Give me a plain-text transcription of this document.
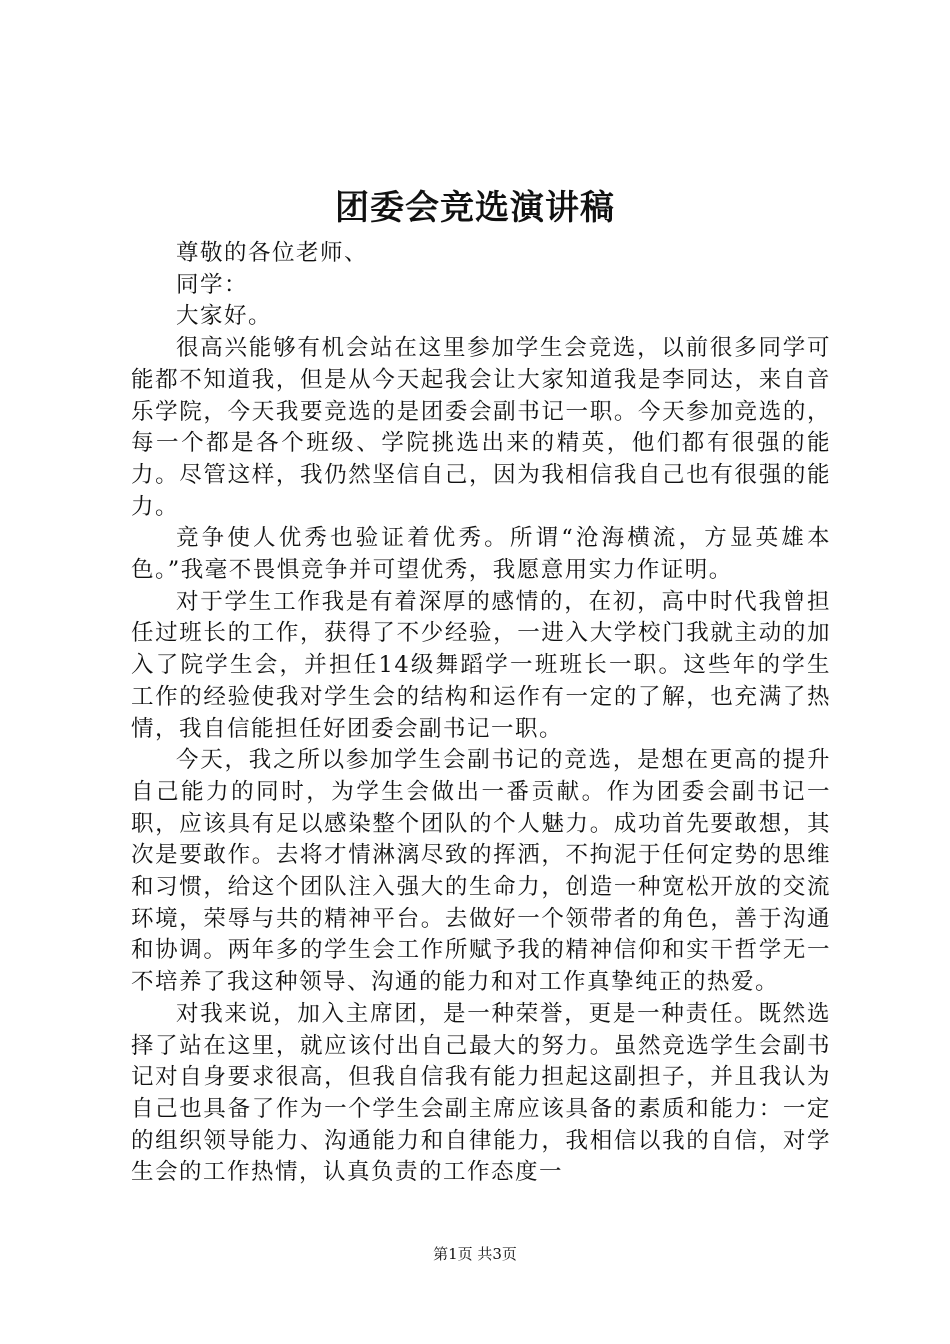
团委会竞选演讲稿

尊敬的各位老师、

同学：

大家好。

很高兴能够有机会站在这里参加学生会竞选，以前很多同学可能都不知道我，但是从今天起我会让大家知道我是李同达，来自音乐学院，今天我要竞选的是团委会副书记一职。今天参加竞选的，每一个都是各个班级、学院挑选出来的精英，他们都有很强的能力。尽管这样，我仍然坚信自己，因为我相信我自己也有很强的能力。

竞争使人优秀也验证着优秀。所谓“沧海横流，方显英雄本色。”我毫不畏惧竞争并可望优秀，我愿意用实力作证明。

对于学生工作我是有着深厚的感情的，在初，高中时代我曾担任过班长的工作，获得了不少经验，一进入大学校门我就主动的加入了院学生会，并担任14级舞蹈学一班班长一职。这些年的学生工作的经验使我对学生会的结构和运作有一定的了解，也充满了热情，我自信能担任好团委会副书记一职。

今天，我之所以参加学生会副书记的竞选，是想在更高的提升自己能力的同时，为学生会做出一番贡献。作为团委会副书记一职，应该具有足以感染整个团队的个人魅力。成功首先要敢想，其次是要敢作。去将才情淋漓尽致的挥洒，不拘泥于任何定势的思维和习惯，给这个团队注入强大的生命力，创造一种宽松开放的交流环境，荣辱与共的精神平台。去做好一个领带者的角色，善于沟通和协调。两年多的学生会工作所赋予我的精神信仰和实干哲学无一不培养了我这种领导、沟通的能力和对工作真挚纯正的热爱。

对我来说，加入主席团，是一种荣誉，更是一种责任。既然选择了站在这里，就应该付出自己最大的努力。虽然竞选学生会副书记对自身要求很高，但我自信我有能力担起这副担子，并且我认为自己也具备了作为一个学生会副主席应该具备的素质和能力：一定的组织领导能力、沟通能力和自律能力，我相信以我的自信，对学生会的工作热情，认真负责的工作态度一

第1页 共3页
